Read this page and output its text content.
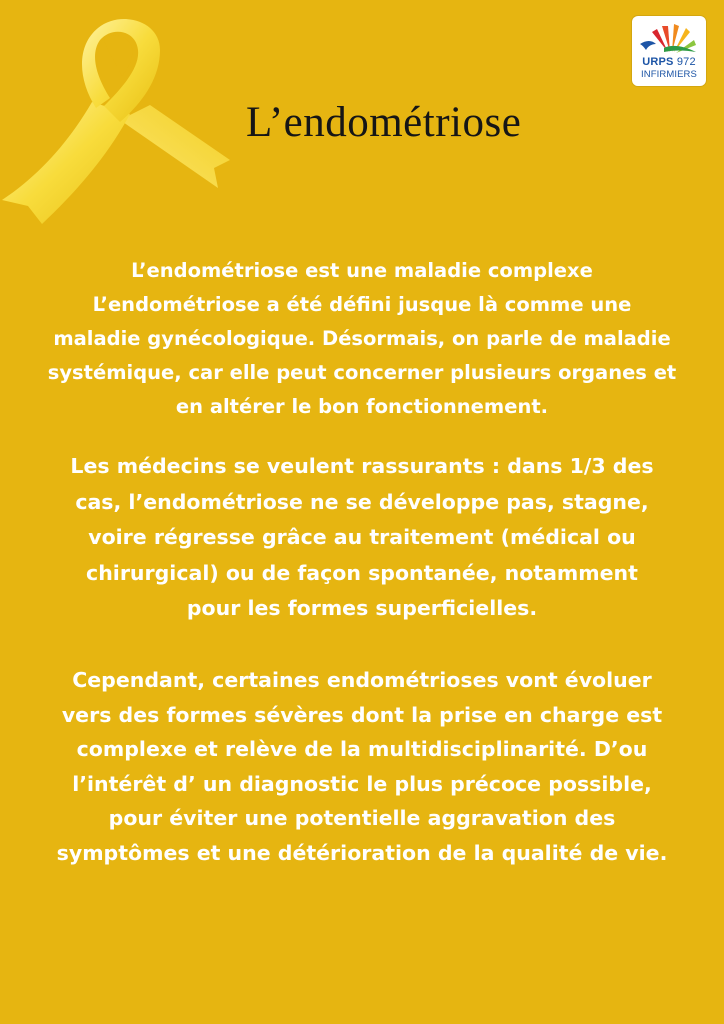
URPS 972
INFIRMIERS
L’endométriose
L’endométriose est une maladie complexe
L’endométriose a été défini jusque là comme une
maladie gynécologique. Désormais, on parle de maladie
systémique, car elle peut concerner plusieurs organes et
en altérer le bon fonctionnement.
Les médecins se veulent rassurants : dans 1/3 des
cas, l’endométriose ne se développe pas, stagne,
voire régresse grâce au traitement (médical ou
chirurgical) ou de façon spontanée, notamment
pour les formes superficielles.
Cependant, certaines endométrioses vont évoluer
vers des formes sévères dont la prise en charge est
complexe et relève de la multidisciplinarité. D’ou
l’intérêt d’ un diagnostic le plus précoce possible,
pour éviter une potentielle aggravation des
symptômes et une détérioration de la qualité de vie.
